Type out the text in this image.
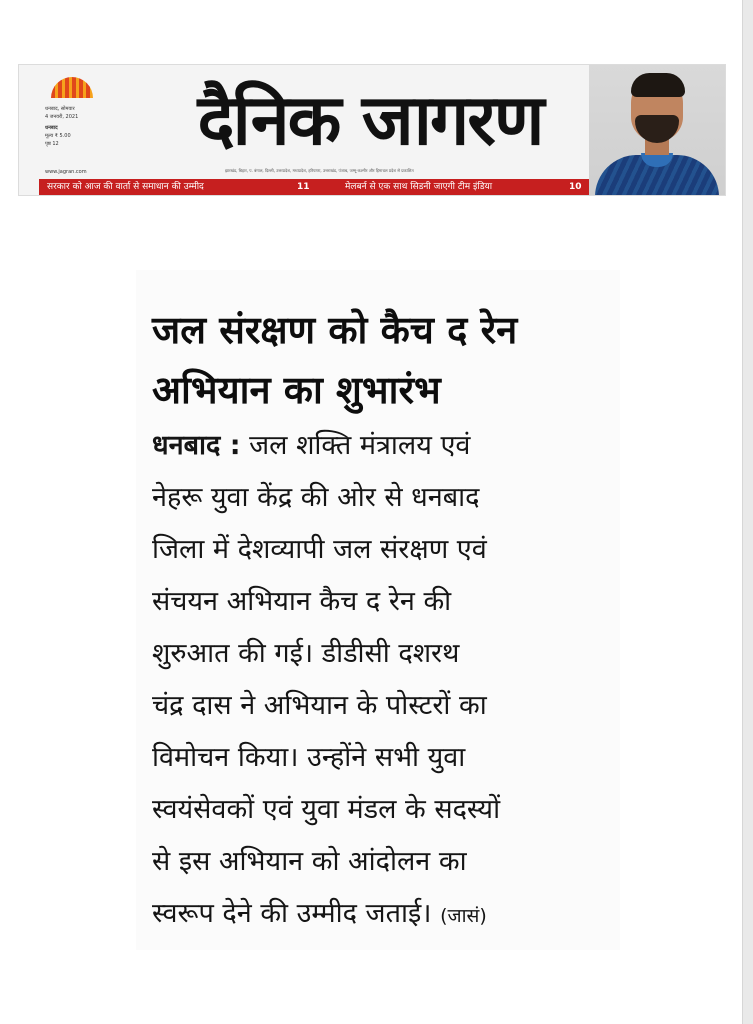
धनबाद, सोमवार
4 जनवरी, 2021
धनबाद
मूल्य ₹ 5.00
पृष्ठ 12
www.jagran.com
दैनिक जागरण
झारखंड, बिहार, प. बंगाल, दिल्ली, उत्तरप्रदेश, मध्यप्रदेश, हरियाणा, उत्तराखंड, पंजाब, जम्मू-कश्मीर और हिमाचल प्रदेश से प्रकाशित
सरकार को आज की वार्ता से समाधान की उम्मीद	11	मेलबर्न से एक साथ सिडनी जाएगी टीम इंडिया	10
जल संरक्षण को कैच द रेन
अभियान का शुभारंभ
धनबाद : जल शक्ति मंत्रालय एवं
नेहरू युवा केंद्र की ओर से धनबाद
जिला में देशव्यापी जल संरक्षण एवं
संचयन अभियान कैच द रेन की
शुरुआत की गई। डीडीसी दशरथ
चंद्र दास ने अभियान के पोस्टरों का
विमोचन किया। उन्होंने सभी युवा
स्वयंसेवकों एवं युवा मंडल के सदस्यों
से इस अभियान को आंदोलन का
स्वरूप देने की उम्मीद जताई। (जासं)
